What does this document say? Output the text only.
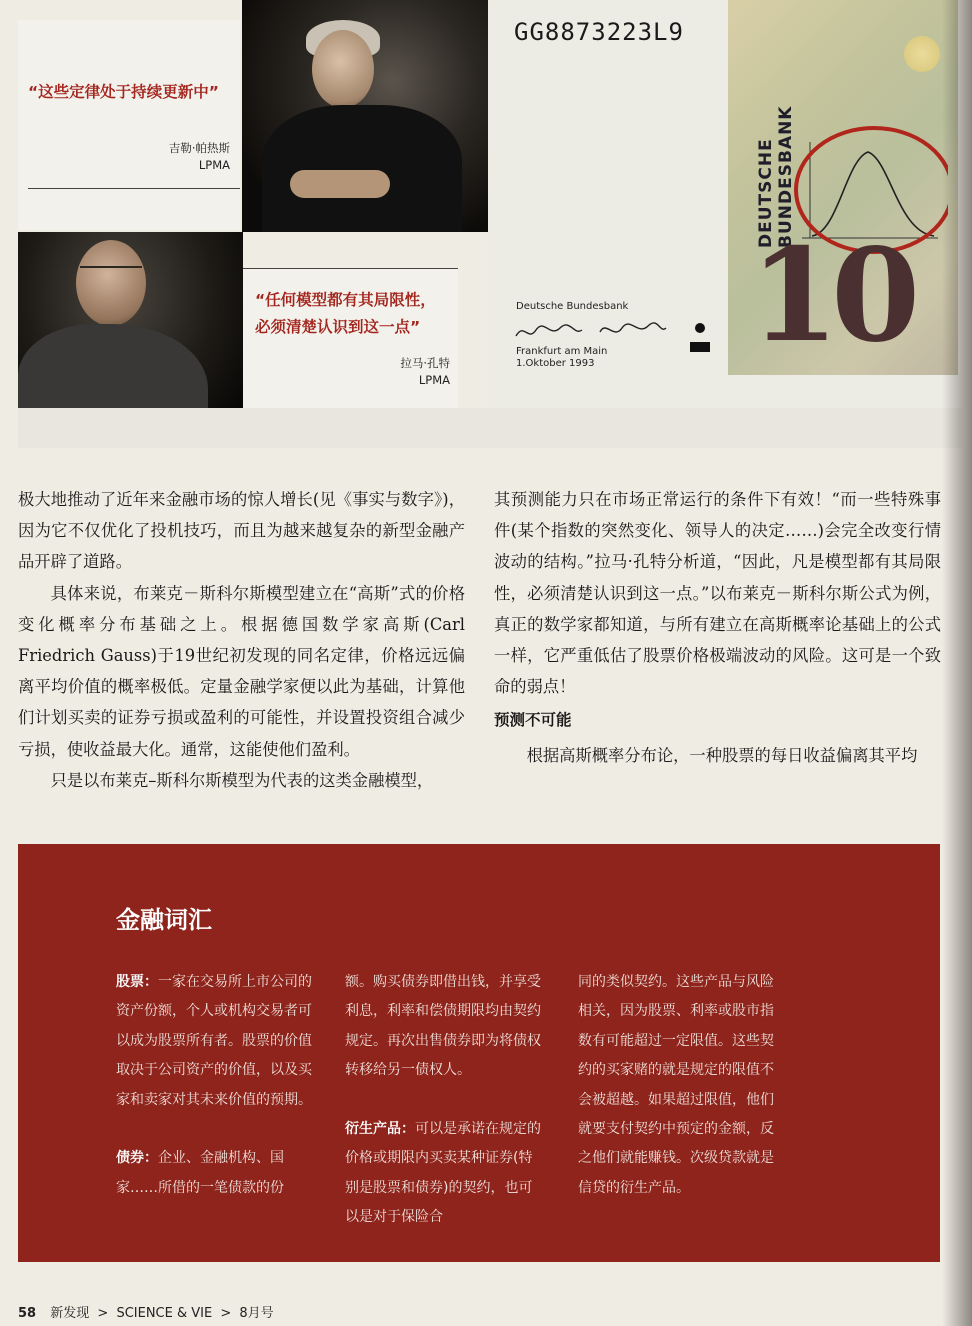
“这些定律处于持续更新中”
吉勒·帕热斯
LPMA
“任何模型都有其局限性，
必须清楚认识到这一点”
拉马·孔特
LPMA
GG8873223L9
DEUTSCHE BUNDESBANK
10
Deutsche Bundesbank
Frankfurt am Main
1.Oktober 1993

极大地推动了近年来金融市场的惊人增长(见《事实与数字》)，因为它不仅优化了投机技巧，而且为越来越复杂的新型金融产品开辟了道路。

具体来说，布莱克－斯科尔斯模型建立在“高斯”式的价格变化概率分布基础之上。根据德国数学家高斯(Carl Friedrich Gauss)于19世纪初发现的同名定律，价格远远偏离平均价值的概率极低。定量金融学家便以此为基础，计算他们计划买卖的证券亏损或盈利的可能性，并设置投资组合减少亏损，使收益最大化。通常，这能使他们盈利。

只是以布莱克–斯科尔斯模型为代表的这类金融模型，

其预测能力只在市场正常运行的条件下有效！“而一些特殊事件(某个指数的突然变化、领导人的决定……)会完全改变行情波动的结构。”拉马·孔特分析道，“因此，凡是模型都有其局限性，必须清楚认识到这一点。”以布莱克－斯科尔斯公式为例，真正的数学家都知道，与所有建立在高斯概率论基础上的公式一样，它严重低估了股票价格极端波动的风险。这可是一个致命的弱点！

预测不可能

根据高斯概率分布论，一种股票的每日收益偏离其平均

金融词汇

股票：一家在交易所上市公司的资产份额，个人或机构交易者可以成为股票所有者。股票的价值取决于公司资产的价值，以及买家和卖家对其未来价值的预期。

债券：企业、金融机构、国家……所借的一笔债款的份

额。购买债券即借出钱，并享受利息，利率和偿债期限均由契约规定。再次出售债券即为将债权转移给另一债权人。

衍生产品：可以是承诺在规定的价格或期限内买卖某种证券(特别是股票和债券)的契约，也可以是对于保险合

同的类似契约。这些产品与风险相关，因为股票、利率或股市指数有可能超过一定限值。这些契约的买家赌的就是规定的限值不会被超越。如果超过限值，他们就要支付契约中预定的金额，反之他们就能赚钱。次级贷款就是信贷的衍生产品。

58 新发现 > SCIENCE & VIE > 8月号
